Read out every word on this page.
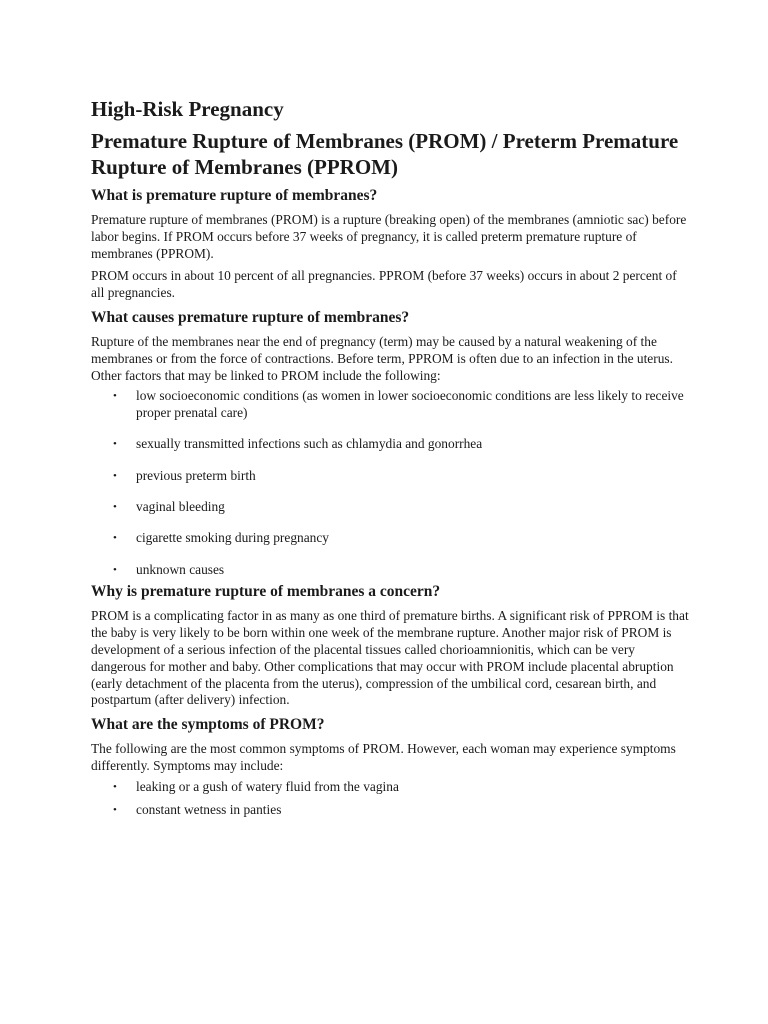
High-Risk Pregnancy
Premature Rupture of Membranes (PROM) / Preterm Premature Rupture of Membranes (PPROM)
What is premature rupture of membranes?

Premature rupture of membranes (PROM) is a rupture (breaking open) of the membranes (amniotic sac) before labor begins. If PROM occurs before 37 weeks of pregnancy, it is called preterm premature rupture of membranes (PPROM).

PROM occurs in about 10 percent of all pregnancies. PPROM (before 37 weeks) occurs in about 2 percent of all pregnancies.

What causes premature rupture of membranes?

Rupture of the membranes near the end of pregnancy (term) may be caused by a natural weakening of the membranes or from the force of contractions. Before term, PPROM is often due to an infection in the uterus. Other factors that may be linked to PROM include the following:

• low socioeconomic conditions (as women in lower socioeconomic conditions are less likely to receive proper prenatal care)
• sexually transmitted infections such as chlamydia and gonorrhea
• previous preterm birth
• vaginal bleeding
• cigarette smoking during pregnancy
• unknown causes
Why is premature rupture of membranes a concern?

PROM is a complicating factor in as many as one third of premature births. A significant risk of PPROM is that the baby is very likely to be born within one week of the membrane rupture. Another major risk of PROM is development of a serious infection of the placental tissues called chorioamnionitis, which can be very dangerous for mother and baby. Other complications that may occur with PROM include placental abruption (early detachment of the placenta from the uterus), compression of the umbilical cord, cesarean birth, and postpartum (after delivery) infection.

What are the symptoms of PROM?

The following are the most common symptoms of PROM. However, each woman may experience symptoms differently. Symptoms may include:

• leaking or a gush of watery fluid from the vagina
• constant wetness in panties
